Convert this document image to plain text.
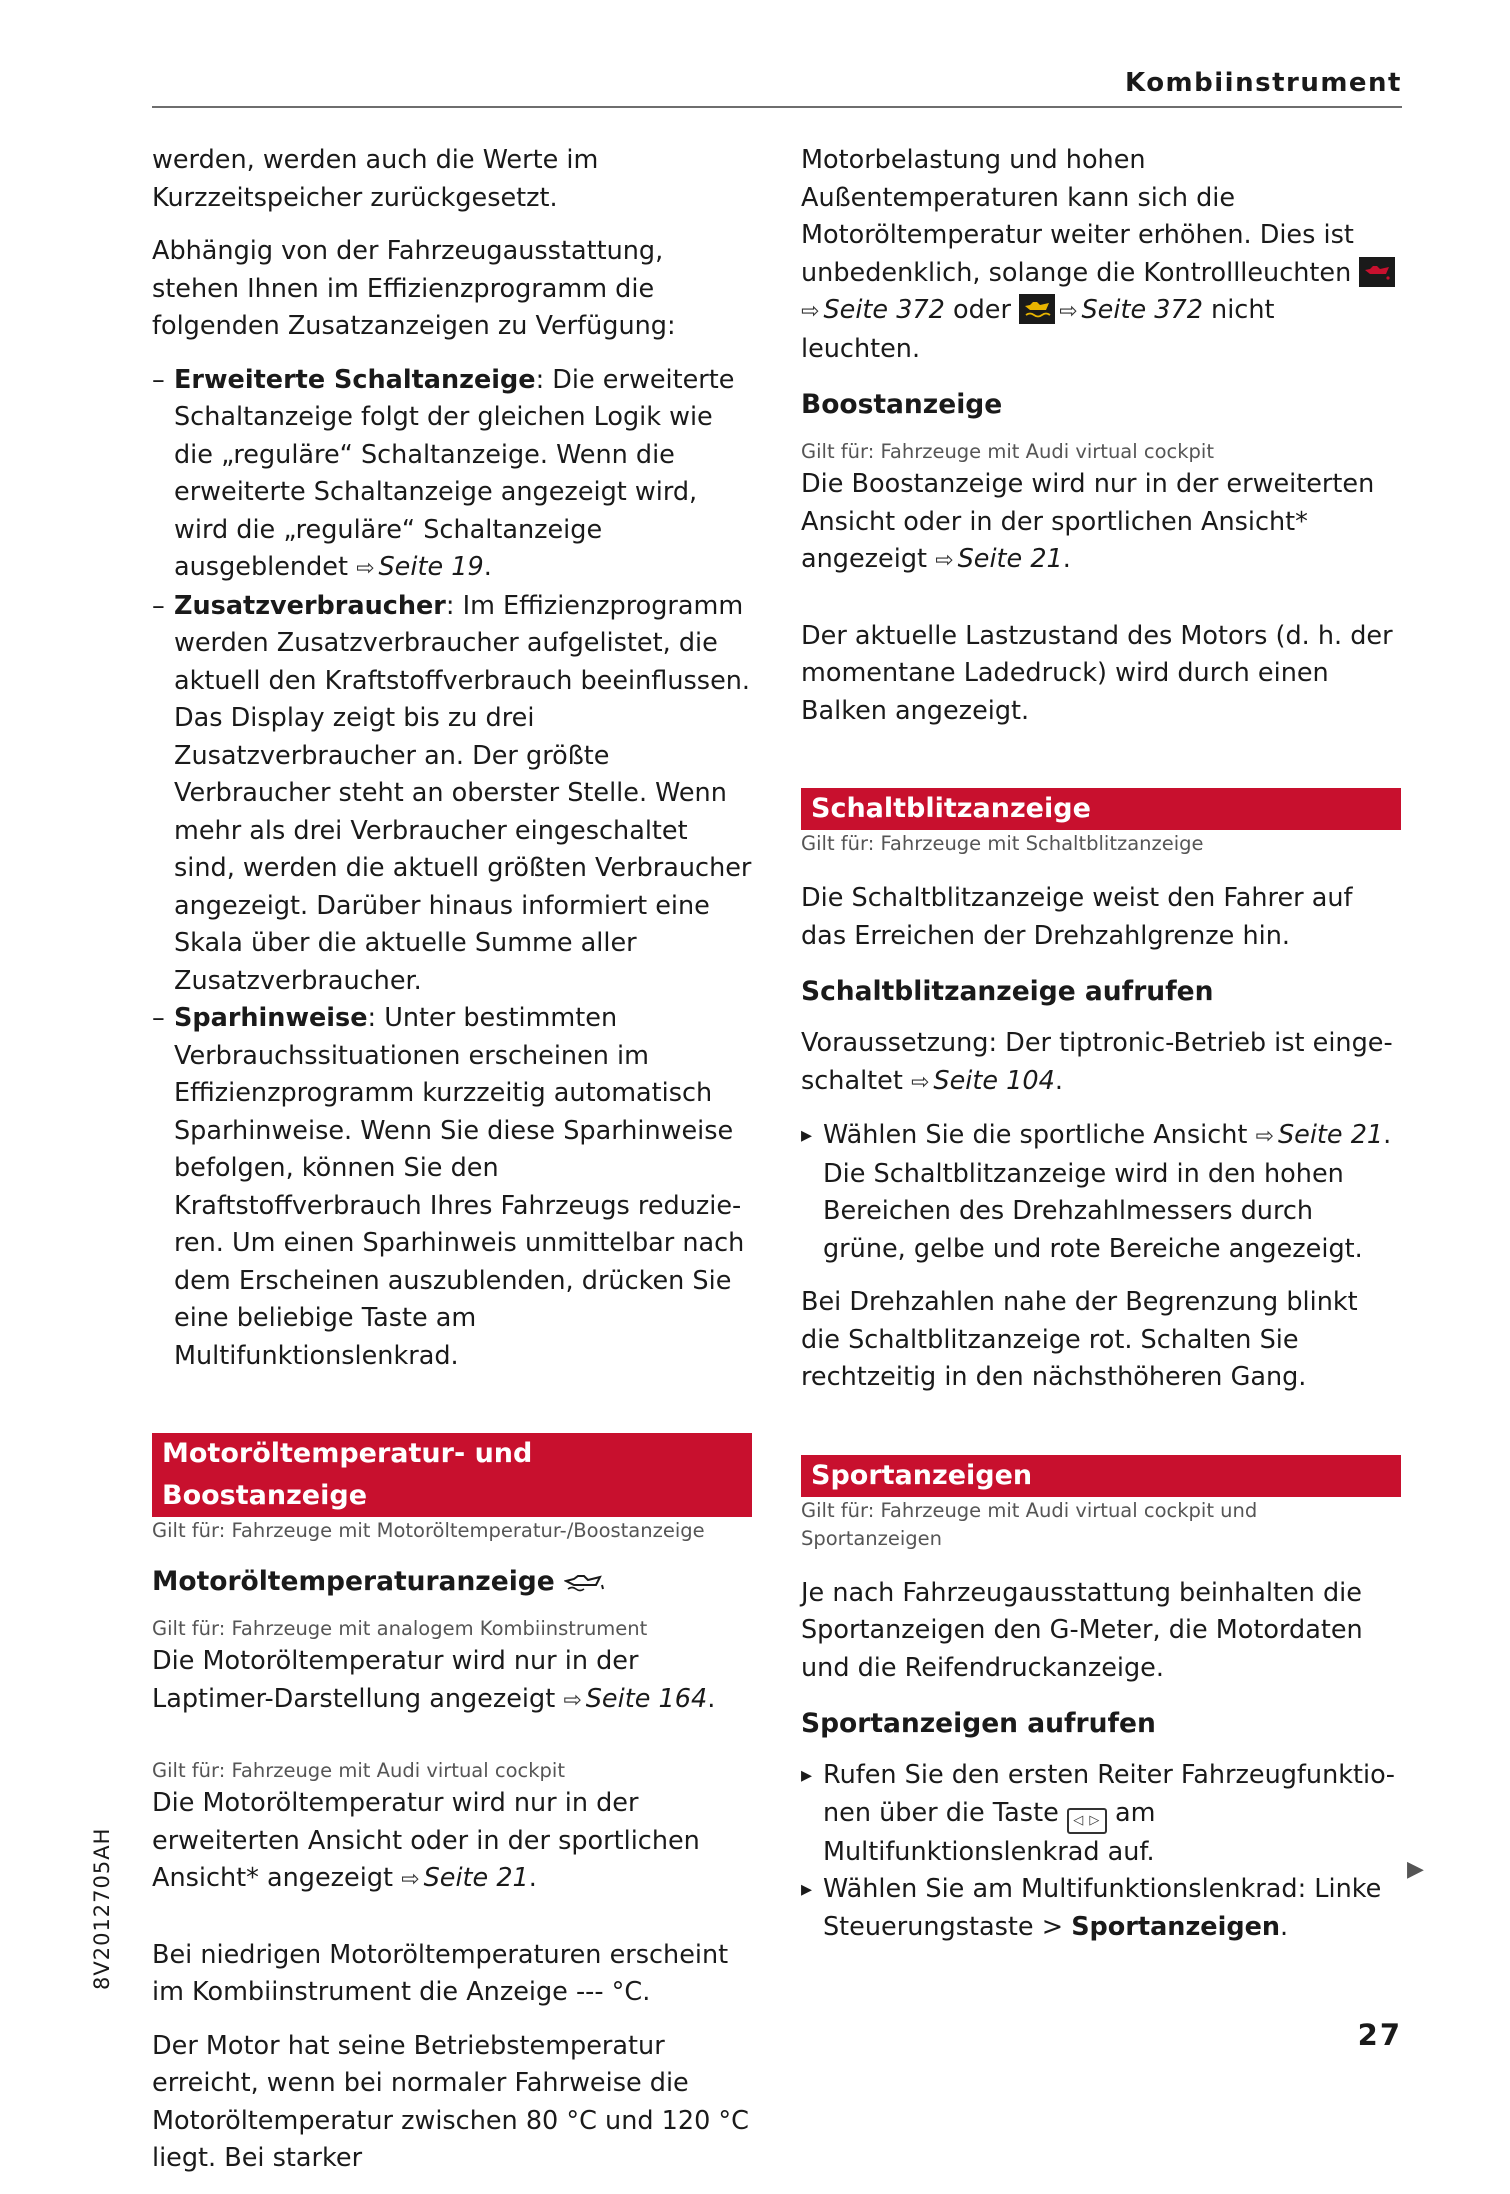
Kombiinstrument

werden, werden auch die Werte im Kurzzeitspeicher zurückgesetzt.

Abhängig von der Fahrzeugausstattung, stehen Ihnen im Effizienzprogramm die folgenden Zusatzanzeigen zu Verfügung:

– Erweiterte Schaltanzeige: Die erweiterte Schaltanzeige folgt der gleichen Logik wie die „reguläre“ Schaltanzeige. Wenn die erweiterte Schaltanzeige angezeigt wird, wird die „reguläre“ Schaltanzeige ausgeblendet ⇨ Seite 19.
– Zusatzverbraucher: Im Effizienzprogramm werden Zusatzverbraucher aufgelistet, die aktuell den Kraftstoffverbrauch beeinflussen. Das Display zeigt bis zu drei Zusatzverbraucher an. Der größte Verbraucher steht an oberster Stelle. Wenn mehr als drei Verbraucher eingeschaltet sind, werden die aktuell größten Verbraucher angezeigt. Darüber hinaus informiert eine Skala über die aktuelle Summe aller Zusatzverbraucher.
– Sparhinweise: Unter bestimmten Verbrauchssituationen erscheinen im Effizienzprogramm kurzzeitig automatisch Sparhinweise. Wenn Sie diese Sparhinweise befolgen, können Sie den Kraftstoffverbrauch Ihres Fahrzeugs reduzieren. Um einen Sparhinweis unmittelbar nach dem Erscheinen auszublenden, drücken Sie eine beliebige Taste am Multifunktionslenkrad.
Motoröltemperatur- und Boostanzeige
Gilt für: Fahrzeuge mit Motoröltemperatur-/Boostanzeige
Motoröltemperaturanzeige
Gilt für: Fahrzeuge mit analogem Kombiinstrument

Die Motoröltemperatur wird nur in der Laptimer-Darstellung angezeigt ⇨ Seite 164.

Gilt für: Fahrzeuge mit Audi virtual cockpit

Die Motoröltemperatur wird nur in der erweiterten Ansicht oder in der sportlichen Ansicht* angezeigt ⇨ Seite 21.

Bei niedrigen Motoröltemperaturen erscheint im Kombiinstrument die Anzeige --- °C.

Der Motor hat seine Betriebstemperatur erreicht, wenn bei normaler Fahrweise die Motoröltemperatur zwischen 80 °C und 120 °C liegt. Bei starker

Motorbelastung und hohen Außentemperaturen kann sich die Motoröltemperatur weiter erhöhen. Dies ist unbedenklich, solange die Kontrollleuchten
⇨ Seite 372 oder ⇨ Seite 372 nicht leuchten.

Boostanzeige
Gilt für: Fahrzeuge mit Audi virtual cockpit

Die Boostanzeige wird nur in der erweiterten Ansicht oder in der sportlichen Ansicht* angezeigt ⇨ Seite 21.

Der aktuelle Lastzustand des Motors (d. h. der momentane Ladedruck) wird durch einen Balken angezeigt.

Schaltblitzanzeige
Gilt für: Fahrzeuge mit Schaltblitzanzeige

Die Schaltblitzanzeige weist den Fahrer auf das Erreichen der Drehzahlgrenze hin.

Schaltblitzanzeige aufrufen

Voraussetzung: Der tiptronic-Betrieb ist eingeschaltet ⇨ Seite 104.

▸ Wählen Sie die sportliche Ansicht ⇨ Seite 21. Die Schaltblitzanzeige wird in den hohen Bereichen des Drehzahlmessers durch grüne, gelbe und rote Bereiche angezeigt.

Bei Drehzahlen nahe der Begrenzung blinkt die Schaltblitzanzeige rot. Schalten Sie rechtzeitig in den nächsthöheren Gang.

Sportanzeigen
Gilt für: Fahrzeuge mit Audi virtual cockpit und Sportanzeigen

Je nach Fahrzeugausstattung beinhalten die Sportanzeigen den G-Meter, die Motordaten und die Reifendruckanzeige.

Sportanzeigen aufrufen
▸ Rufen Sie den ersten Reiter Fahrzeugfunktionen über die Taste ◁ ▷ am Multifunktionslenkrad auf.
▸ Wählen Sie am Multifunktionslenkrad: Linke Steuerungstaste > Sportanzeigen.
▶
8V2012705AH
27
